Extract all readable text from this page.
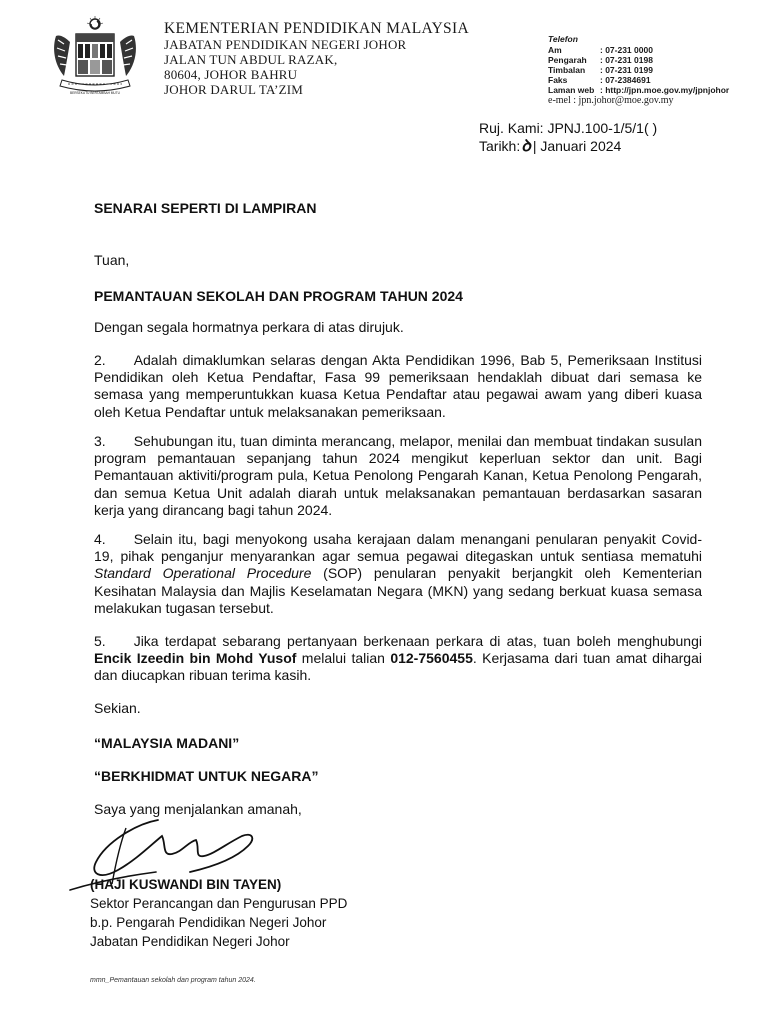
BERSEKUTU BERTAMBAH MUTU
KEMENTERIAN PENDIDIKAN MALAYSIA
JABATAN PENDIDIKAN NEGERI JOHOR
JALAN TUN ABDUL RAZAK,
80604, JOHOR BAHRU
JOHOR DARUL TA’ZIM
Telefon
Am	: 07-231 0000
Pengarah	: 07-231 0198
Timbalan	: 07-231 0199
Faks	: 07-2384691
Laman web : http://jpn.moe.gov.my/jpnjohor
e-mel : jpn.johor@moe.gov.my
Ruj. Kami: JPNJ.100-1/5/1( )
Tarikh: ꝺ | Januari 2024
SENARAI SEPERTI DI LAMPIRAN
Tuan,
PEMANTAUAN SEKOLAH DAN PROGRAM TAHUN 2024
Dengan segala hormatnya perkara di atas dirujuk.
2. Adalah dimaklumkan selaras dengan Akta Pendidikan 1996, Bab 5, Pemeriksaan Institusi Pendidikan oleh Ketua Pendaftar, Fasa 99 pemeriksaan hendaklah dibuat dari semasa ke semasa yang memperuntukkan kuasa Ketua Pendaftar atau pegawai awam yang diberi kuasa oleh Ketua Pendaftar untuk melaksanakan pemeriksaan.
3. Sehubungan itu, tuan diminta merancang, melapor, menilai dan membuat tindakan susulan program pemantauan sepanjang tahun 2024 mengikut keperluan sektor dan unit. Bagi Pemantauan aktiviti/program pula, Ketua Penolong Pengarah Kanan, Ketua Penolong Pengarah, dan semua Ketua Unit adalah diarah untuk melaksanakan pemantauan berdasarkan sasaran kerja yang dirancang bagi tahun 2024.
4. Selain itu, bagi menyokong usaha kerajaan dalam menangani penularan penyakit Covid-19, pihak penganjur menyarankan agar semua pegawai ditegaskan untuk sentiasa mematuhi Standard Operational Procedure (SOP) penularan penyakit berjangkit oleh Kementerian Kesihatan Malaysia dan Majlis Keselamatan Negara (MKN) yang sedang berkuat kuasa semasa melakukan tugasan tersebut.
5. Jika terdapat sebarang pertanyaan berkenaan perkara di atas, tuan boleh menghubungi Encik Izeedin bin Mohd Yusof melalui talian 012-7560455. Kerjasama dari tuan amat dihargai dan diucapkan ribuan terima kasih.
Sekian.
“MALAYSIA MADANI”
“BERKHIDMAT UNTUK NEGARA”
Saya yang menjalankan amanah,
(HAJI KUSWANDI BIN TAYEN)
Sektor Perancangan dan Pengurusan PPD
b.p. Pengarah Pendidikan Negeri Johor
Jabatan Pendidikan Negeri Johor
mmn_Pemantauan sekolah dan program tahun 2024.
